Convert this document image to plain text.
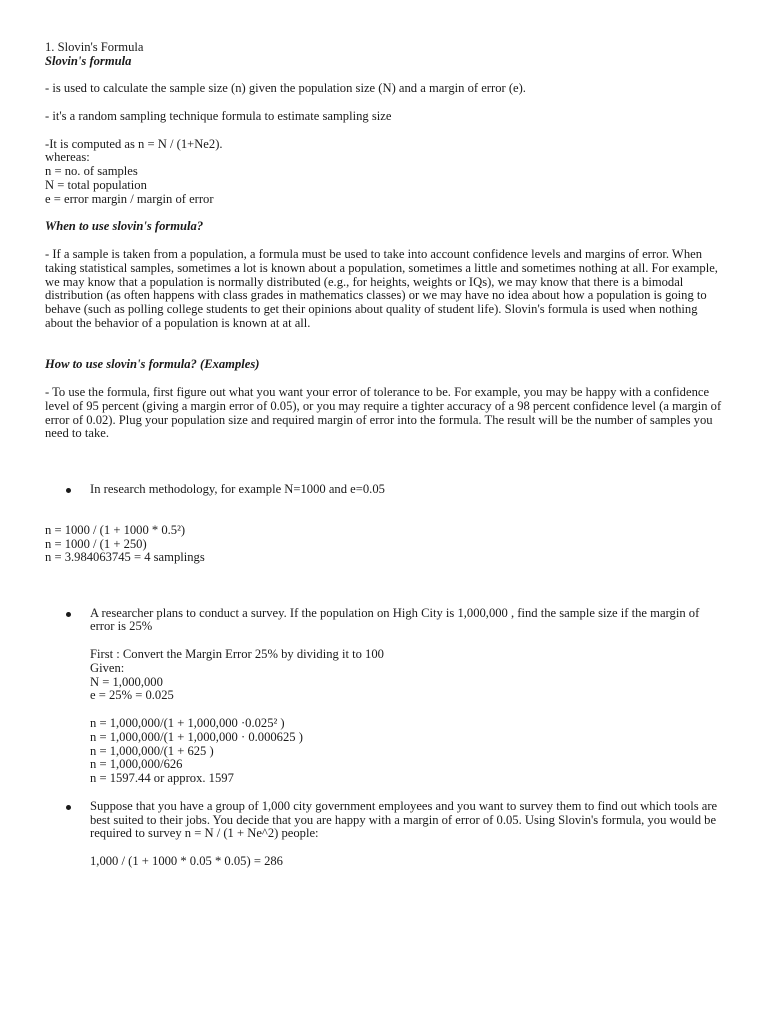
1. Slovin's Formula
Slovin's formula
- is used to calculate the sample size (n) given the population size (N) and a margin of error (e).
- it's a random sampling technique formula to estimate sampling size
-It is computed as n = N / (1+Ne2).
whereas:
n = no. of samples
N = total population
e = error margin / margin of error
When to use slovin's formula?
- If a sample is taken from a population, a formula must be used to take into account confidence levels and margins of error. When taking statistical samples, sometimes a lot is known about a population, sometimes a little and sometimes nothing at all. For example, we may know that a population is normally distributed (e.g., for heights, weights or IQs), we may know that there is a bimodal distribution (as often happens with class grades in mathematics classes) or we may have no idea about how a population is going to behave (such as polling college students to get their opinions about quality of student life). Slovin's formula is used when nothing about the behavior of a population is known at at all.
How to use slovin's formula? (Examples)
- To use the formula, first figure out what you want your error of tolerance to be. For example, you may be happy with a confidence level of 95 percent (giving a margin error of 0.05), or you may require a tighter accuracy of a 98 percent confidence level (a margin of error of 0.02). Plug your population size and required margin of error into the formula. The result will be the number of samples you need to take.
In research methodology, for example N=1000 and e=0.05
n = 1000 / (1 + 1000 * 0.5²)
n = 1000 / (1 + 250)
n = 3.984063745 = 4 samplings
A researcher plans to conduct a survey. If the population on High City is 1,000,000 , find the sample size if the margin of error is 25%
First : Convert the Margin Error 25% by dividing it to 100
Given:
N = 1,000,000
e = 25% = 0.025
n = 1,000,000/(1 + 1,000,000 ·0.025² )
n = 1,000,000/(1 + 1,000,000 · 0.000625 )
n = 1,000,000/(1 + 625 )
n = 1,000,000/626
n = 1597.44 or approx. 1597
Suppose that you have a group of 1,000 city government employees and you want to survey them to find out which tools are best suited to their jobs. You decide that you are happy with a margin of error of 0.05. Using Slovin's formula, you would be required to survey n = N / (1 + Ne^2) people:
1,000 / (1 + 1000 * 0.05 * 0.05) = 286
